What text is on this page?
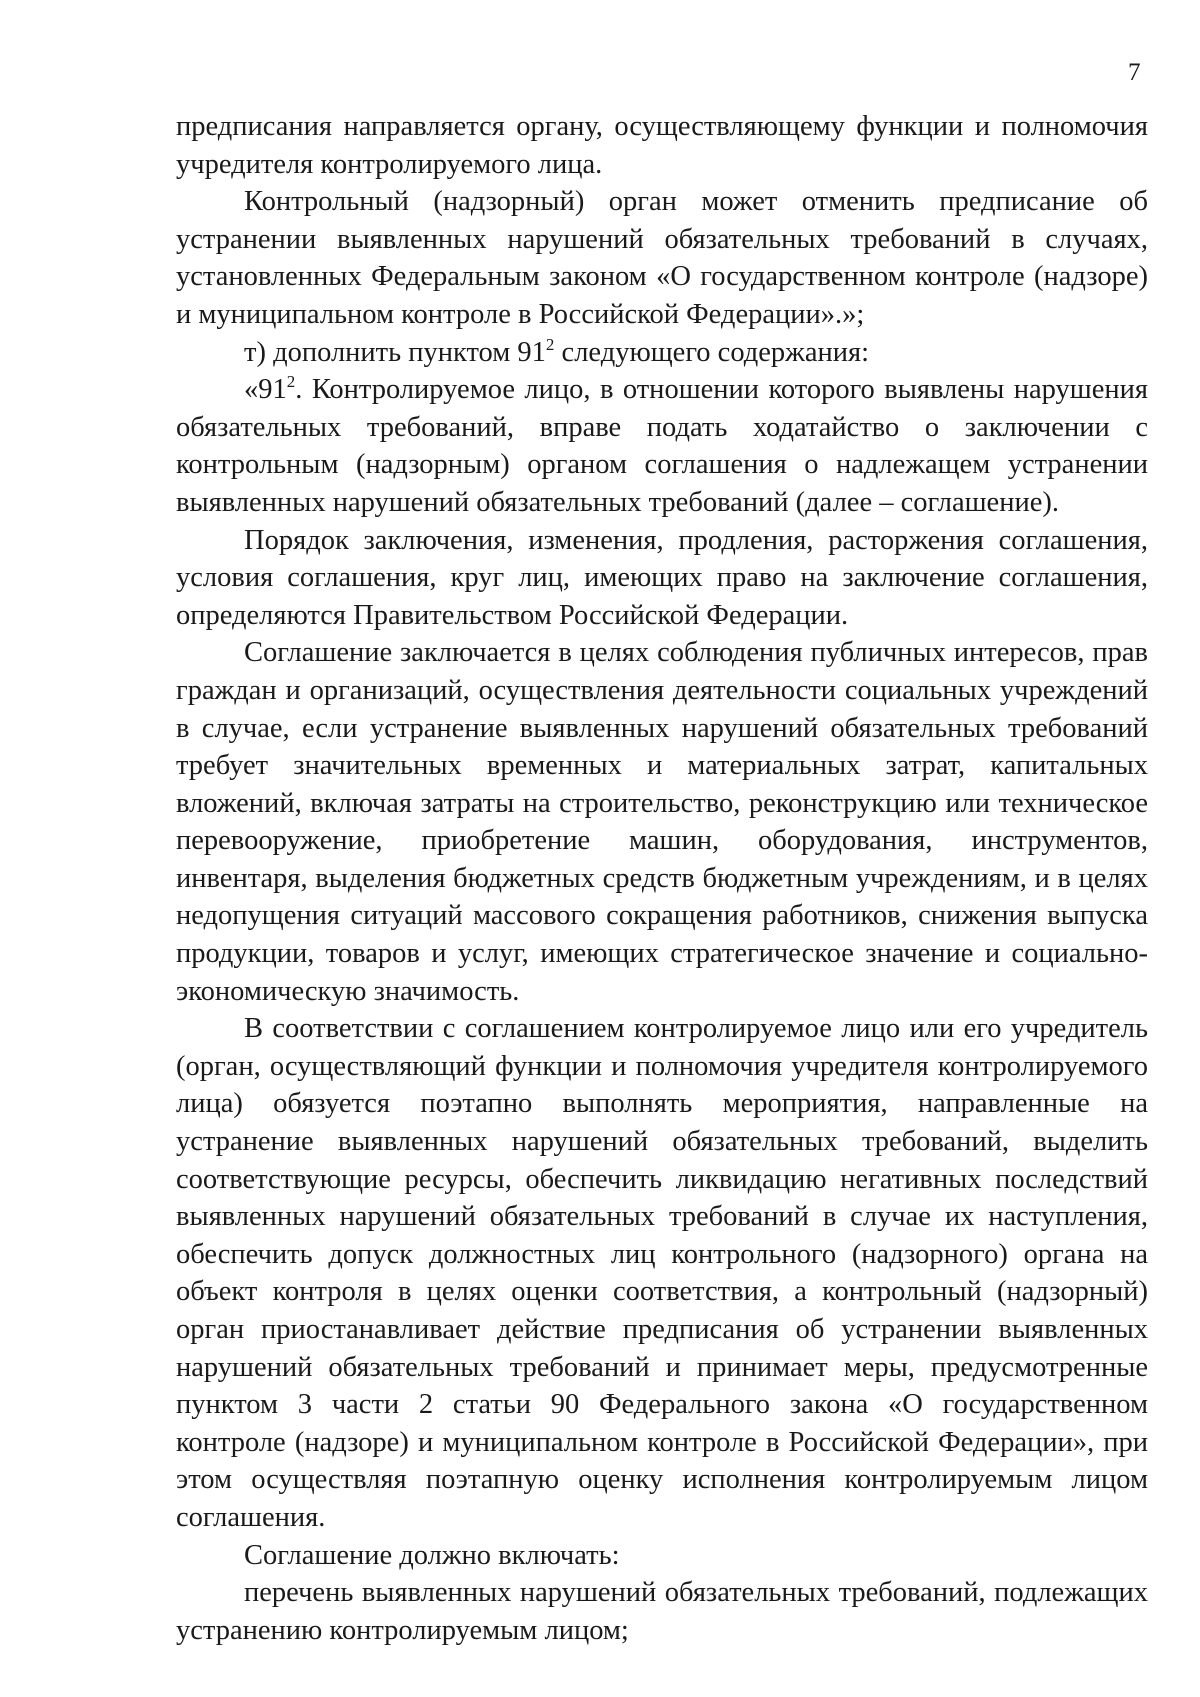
7

предписания направляется органу, осуществляющему функции и полномочия учредителя контролируемого лица.

Контрольный (надзорный) орган может отменить предписание об устранении выявленных нарушений обязательных требований в случаях, установленных Федеральным законом «О государственном контроле (надзоре) и муниципальном контроле в Российской Федерации».»;

т) дополнить пунктом $91^2$ следующего содержания:

«$91^2$. Контролируемое лицо, в отношении которого выявлены нарушения обязательных требований, вправе подать ходатайство о заключении с контрольным (надзорным) органом соглашения о надлежащем устранении выявленных нарушений обязательных требований (далее – соглашение).

Порядок заключения, изменения, продления, расторжения соглашения, условия соглашения, круг лиц, имеющих право на заключение соглашения, определяются Правительством Российской Федерации.

Соглашение заключается в целях соблюдения публичных интересов, прав граждан и организаций, осуществления деятельности социальных учреждений в случае, если устранение выявленных нарушений обязательных требований требует значительных временных и материальных затрат, капитальных вложений, включая затраты на строительство, реконструкцию или техническое перевооружение, приобретение машин, оборудования, инструментов, инвентаря, выделения бюджетных средств бюджетным учреждениям, и в целях недопущения ситуаций массового сокращения работников, снижения выпуска продукции, товаров и услуг, имеющих стратегическое значение и социально-экономическую значимость.

В соответствии с соглашением контролируемое лицо или его учредитель (орган, осуществляющий функции и полномочия учредителя контролируемого лица) обязуется поэтапно выполнять мероприятия, направленные на устранение выявленных нарушений обязательных требований, выделить соответствующие ресурсы, обеспечить ликвидацию негативных последствий выявленных нарушений обязательных требований в случае их наступления, обеспечить допуск должностных лиц контрольного (надзорного) органа на объект контроля в целях оценки соответствия, а контрольный (надзорный) орган приостанавливает действие предписания об устранении выявленных нарушений обязательных требований и принимает меры, предусмотренные пунктом 3 части 2 статьи 90 Федерального закона «О государственном контроле (надзоре) и муниципальном контроле в Российской Федерации», при этом осуществляя поэтапную оценку исполнения контролируемым лицом соглашения.

Соглашение должно включать:

перечень выявленных нарушений обязательных требований, подлежащих устранению контролируемым лицом;
